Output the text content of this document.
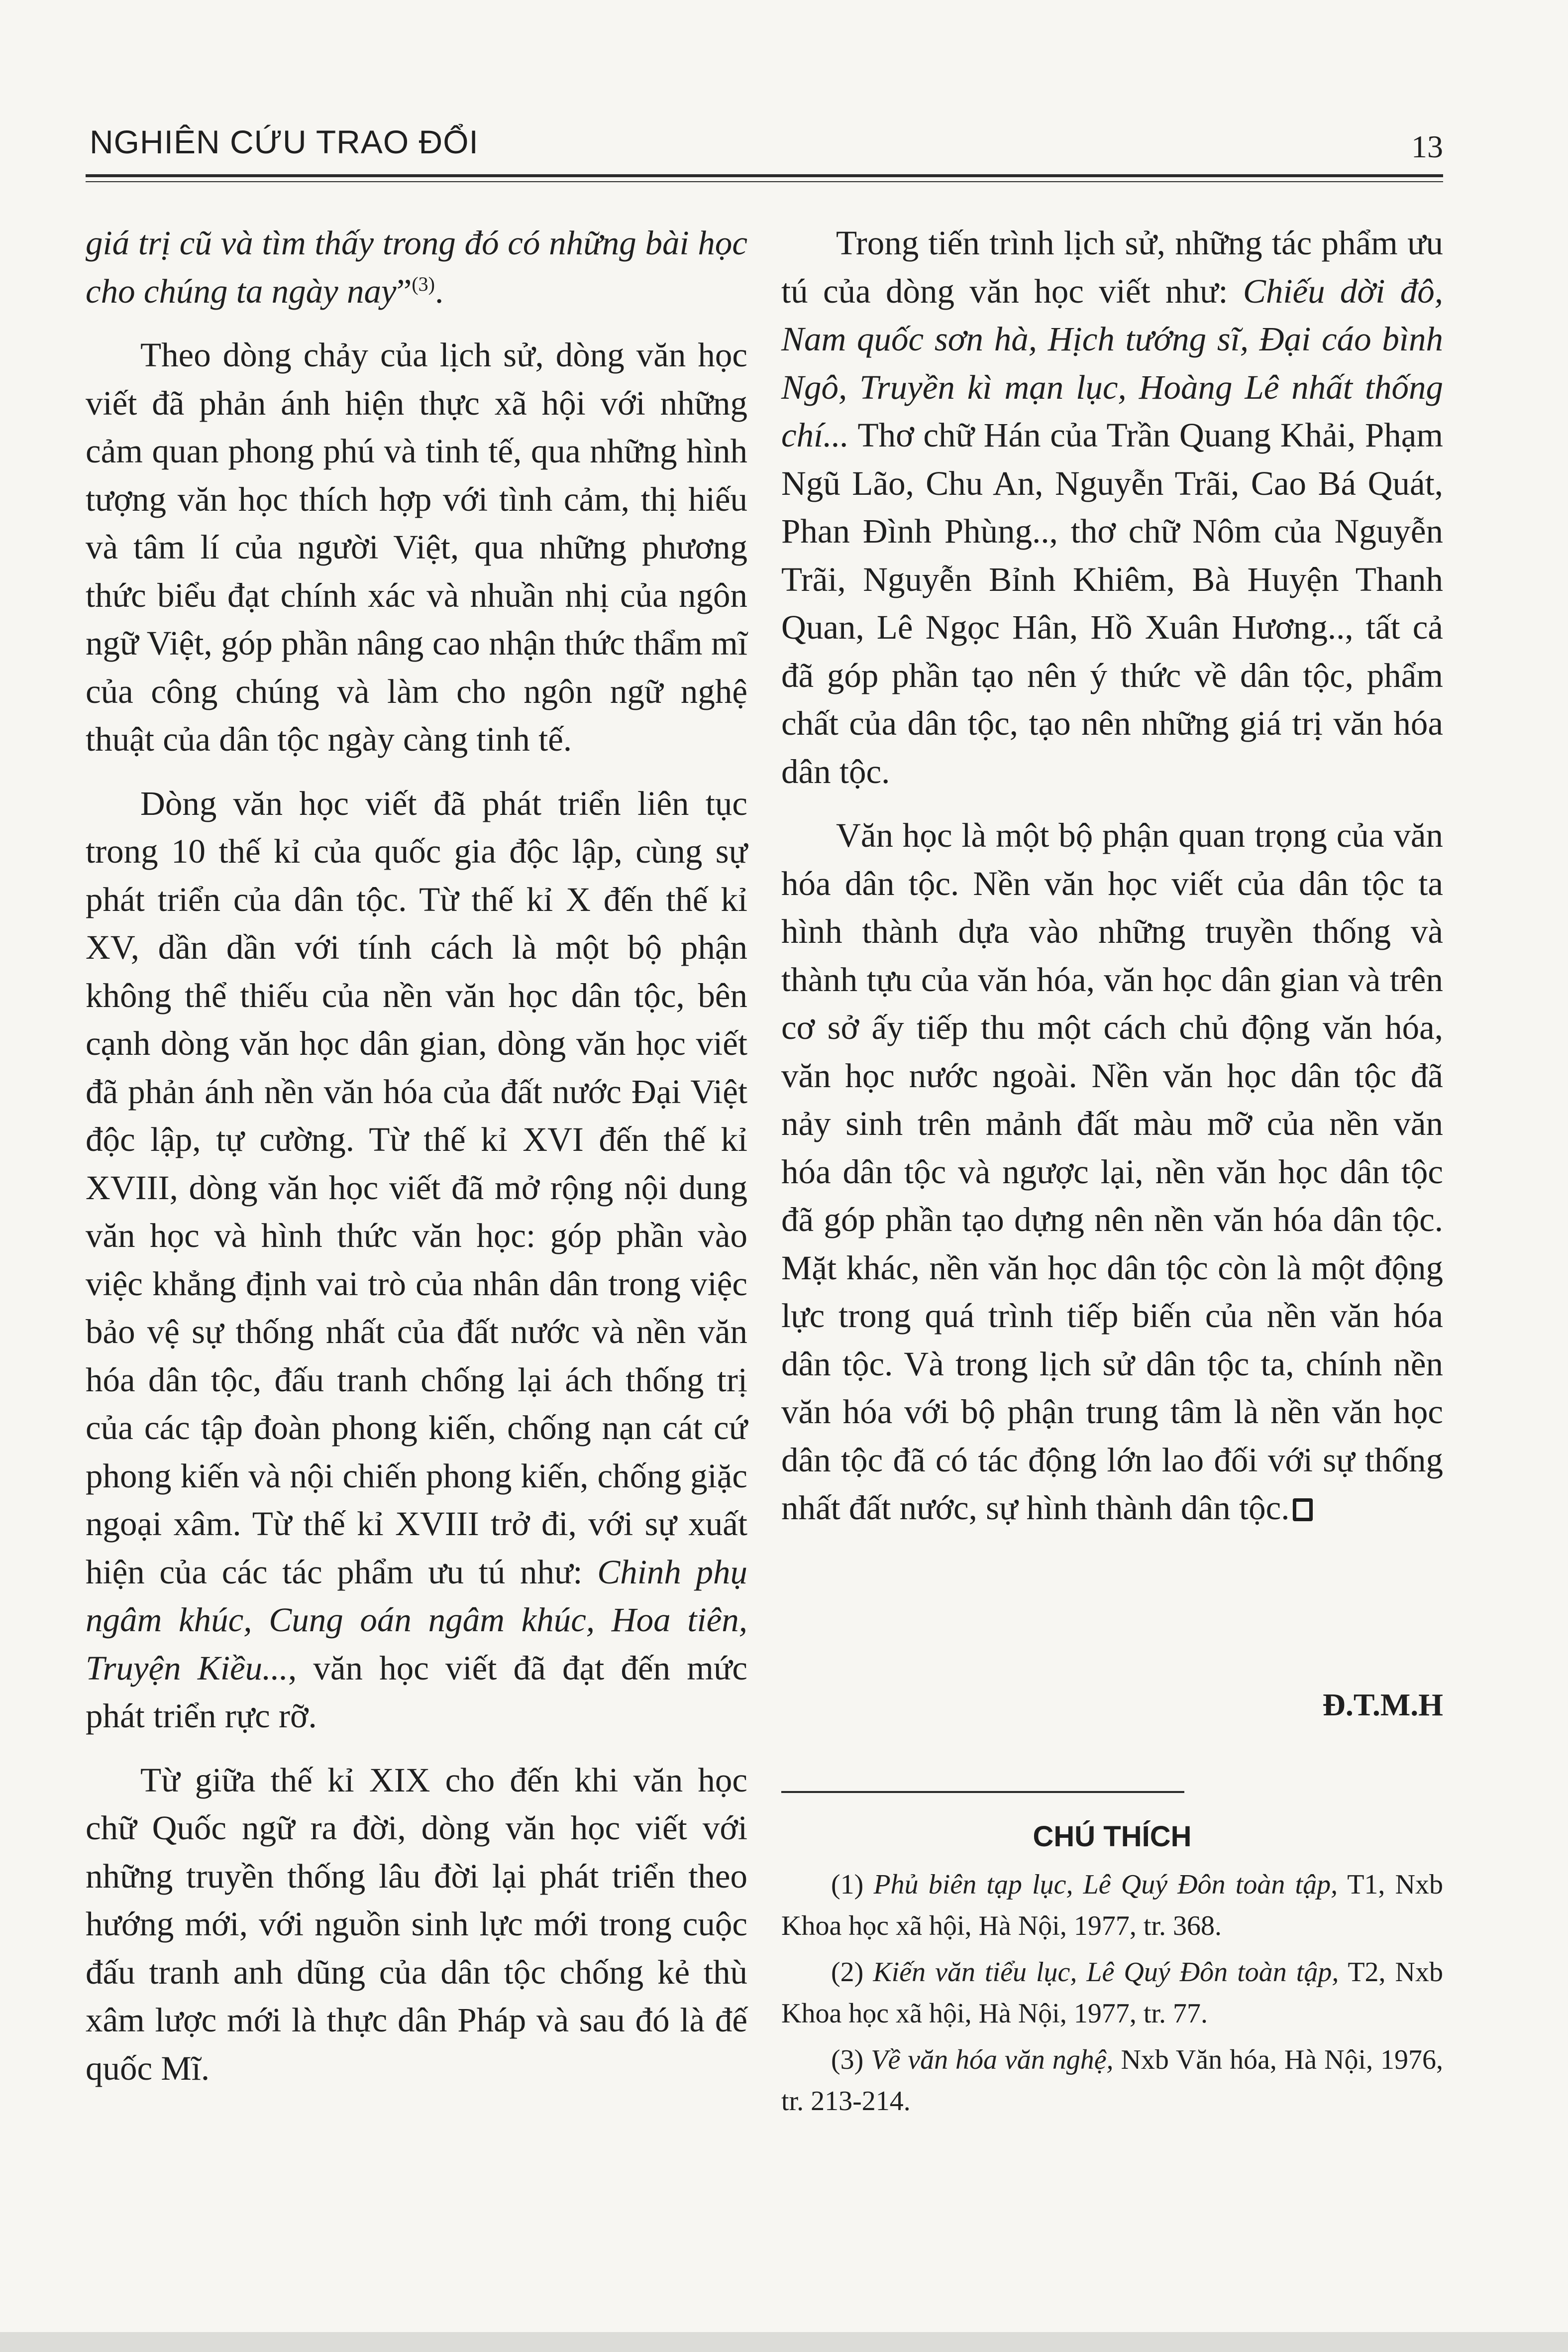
NGHIÊN CỨU TRAO ĐỔI	13

giá trị cũ và tìm thấy trong đó có những bài học cho chúng ta ngày nay”$^{(3)}$.

Theo dòng chảy của lịch sử, dòng văn học viết đã phản ánh hiện thực xã hội với những cảm quan phong phú và tinh tế, qua những hình tượng văn học thích hợp với tình cảm, thị hiếu và tâm lí của người Việt, qua những phương thức biểu đạt chính xác và nhuần nhị của ngôn ngữ Việt, góp phần nâng cao nhận thức thẩm mĩ của công chúng và làm cho ngôn ngữ nghệ thuật của dân tộc ngày càng tinh tế.

Dòng văn học viết đã phát triển liên tục trong 10 thế kỉ của quốc gia độc lập, cùng sự phát triển của dân tộc. Từ thế kỉ X đến thế kỉ XV, dần dần với tính cách là một bộ phận không thể thiếu của nền văn học dân tộc, bên cạnh dòng văn học dân gian, dòng văn học viết đã phản ánh nền văn hóa của đất nước Đại Việt độc lập, tự cường. Từ thế kỉ XVI đến thế kỉ XVIII, dòng văn học viết đã mở rộng nội dung văn học và hình thức văn học: góp phần vào việc khẳng định vai trò của nhân dân trong việc bảo vệ sự thống nhất của đất nước và nền văn hóa dân tộc, đấu tranh chống lại ách thống trị của các tập đoàn phong kiến, chống nạn cát cứ phong kiến và nội chiến phong kiến, chống giặc ngoại xâm. Từ thế kỉ XVIII trở đi, với sự xuất hiện của các tác phẩm ưu tú như: Chinh phụ ngâm khúc, Cung oán ngâm khúc, Hoa tiên, Truyện Kiều..., văn học viết đã đạt đến mức phát triển rực rỡ.

Từ giữa thế kỉ XIX cho đến khi văn học chữ Quốc ngữ ra đời, dòng văn học viết với những truyền thống lâu đời lại phát triển theo hướng mới, với nguồn sinh lực mới trong cuộc đấu tranh anh dũng của dân tộc chống kẻ thù xâm lược mới là thực dân Pháp và sau đó là đế quốc Mĩ.

Trong tiến trình lịch sử, những tác phẩm ưu tú của dòng văn học viết như: Chiếu dời đô, Nam quốc sơn hà, Hịch tướng sĩ, Đại cáo bình Ngô, Truyền kì mạn lục, Hoàng Lê nhất thống chí... Thơ chữ Hán của Trần Quang Khải, Phạm Ngũ Lão, Chu An, Nguyễn Trãi, Cao Bá Quát, Phan Đình Phùng.., thơ chữ Nôm của Nguyễn Trãi, Nguyễn Bỉnh Khiêm, Bà Huyện Thanh Quan, Lê Ngọc Hân, Hồ Xuân Hương.., tất cả đã góp phần tạo nên ý thức về dân tộc, phẩm chất của dân tộc, tạo nên những giá trị văn hóa dân tộc.

Văn học là một bộ phận quan trọng của văn hóa dân tộc. Nền văn học viết của dân tộc ta hình thành dựa vào những truyền thống và thành tựu của văn hóa, văn học dân gian và trên cơ sở ấy tiếp thu một cách chủ động văn hóa, văn học nước ngoài. Nền văn học dân tộc đã nảy sinh trên mảnh đất màu mỡ của nền văn hóa dân tộc và ngược lại, nền văn học dân tộc đã góp phần tạo dựng nên nền văn hóa dân tộc. Mặt khác, nền văn học dân tộc còn là một động lực trong quá trình tiếp biến của nền văn hóa dân tộc. Và trong lịch sử dân tộc ta, chính nền văn hóa với bộ phận trung tâm là nền văn học dân tộc đã có tác động lớn lao đối với sự thống nhất đất nước, sự hình thành dân tộc.

Đ.T.M.H
CHÚ THÍCH

(1) Phủ biên tạp lục, Lê Quý Đôn toàn tập, T1, Nxb Khoa học xã hội, Hà Nội, 1977, tr. 368.

(2) Kiến văn tiểu lục, Lê Quý Đôn toàn tập, T2, Nxb Khoa học xã hội, Hà Nội, 1977, tr. 77.

(3) Về văn hóa văn nghệ, Nxb Văn hóa, Hà Nội, 1976, tr. 213-214.
